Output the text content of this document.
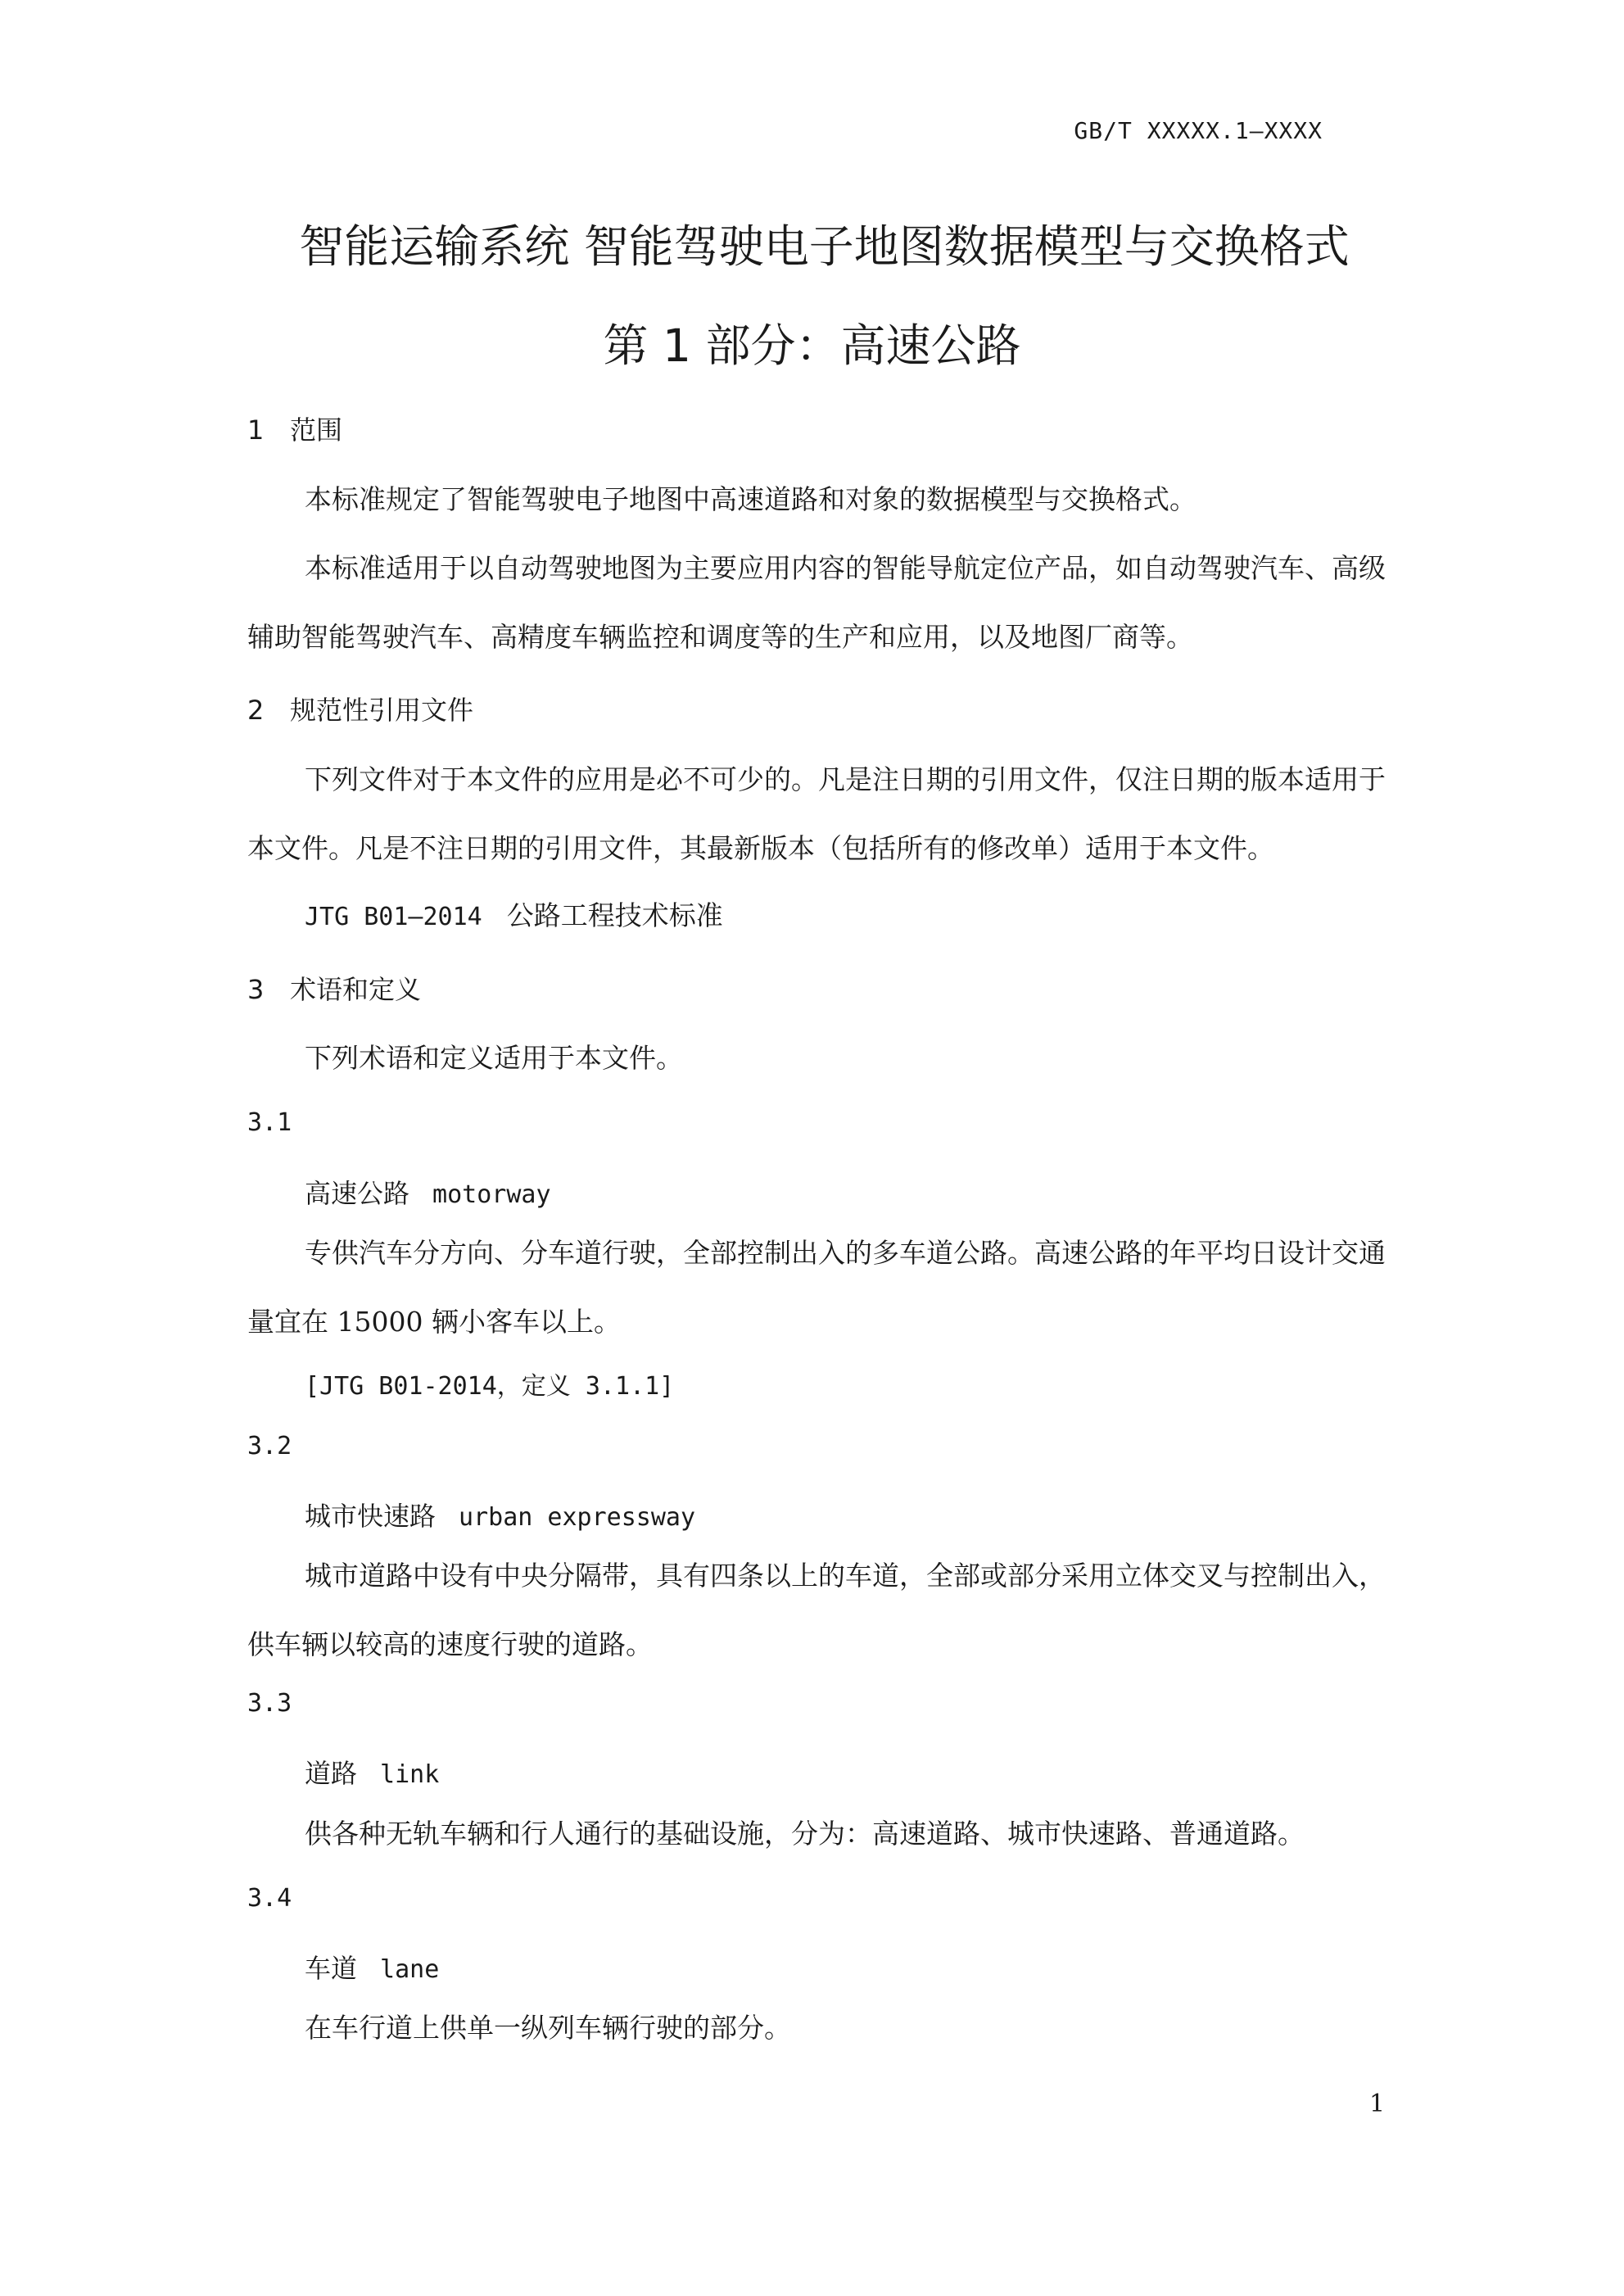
GB/T XXXXX.1—XXXX
智能运输系统 智能驾驶电子地图数据模型与交换格式
第 1 部分：高速公路
1 范围

本标准规定了智能驾驶电子地图中高速道路和对象的数据模型与交换格式。

本标准适用于以自动驾驶地图为主要应用内容的智能导航定位产品，如自动驾驶汽车、高级辅助智能驾驶汽车、高精度车辆监控和调度等的生产和应用，以及地图厂商等。

2 规范性引用文件

下列文件对于本文件的应用是必不可少的。凡是注日期的引用文件，仅注日期的版本适用于本文件。凡是不注日期的引用文件，其最新版本（包括所有的修改单）适用于本文件。

JTG B01—2014 公路工程技术标准
3 术语和定义

下列术语和定义适用于本文件。

3.1
高速公路 motorway

专供汽车分方向、分车道行驶，全部控制出入的多车道公路。高速公路的年平均日设计交通量宜在 15000 辆小客车以上。

[JTG B01-2014，定义 3.1.1]
3.2
城市快速路 urban expressway

城市道路中设有中央分隔带，具有四条以上的车道，全部或部分采用立体交叉与控制出入，供车辆以较高的速度行驶的道路。

3.3
道路 link

供各种无轨车辆和行人通行的基础设施，分为：高速道路、城市快速路、普通道路。

3.4
车道 lane

在车行道上供单一纵列车辆行驶的部分。

1
